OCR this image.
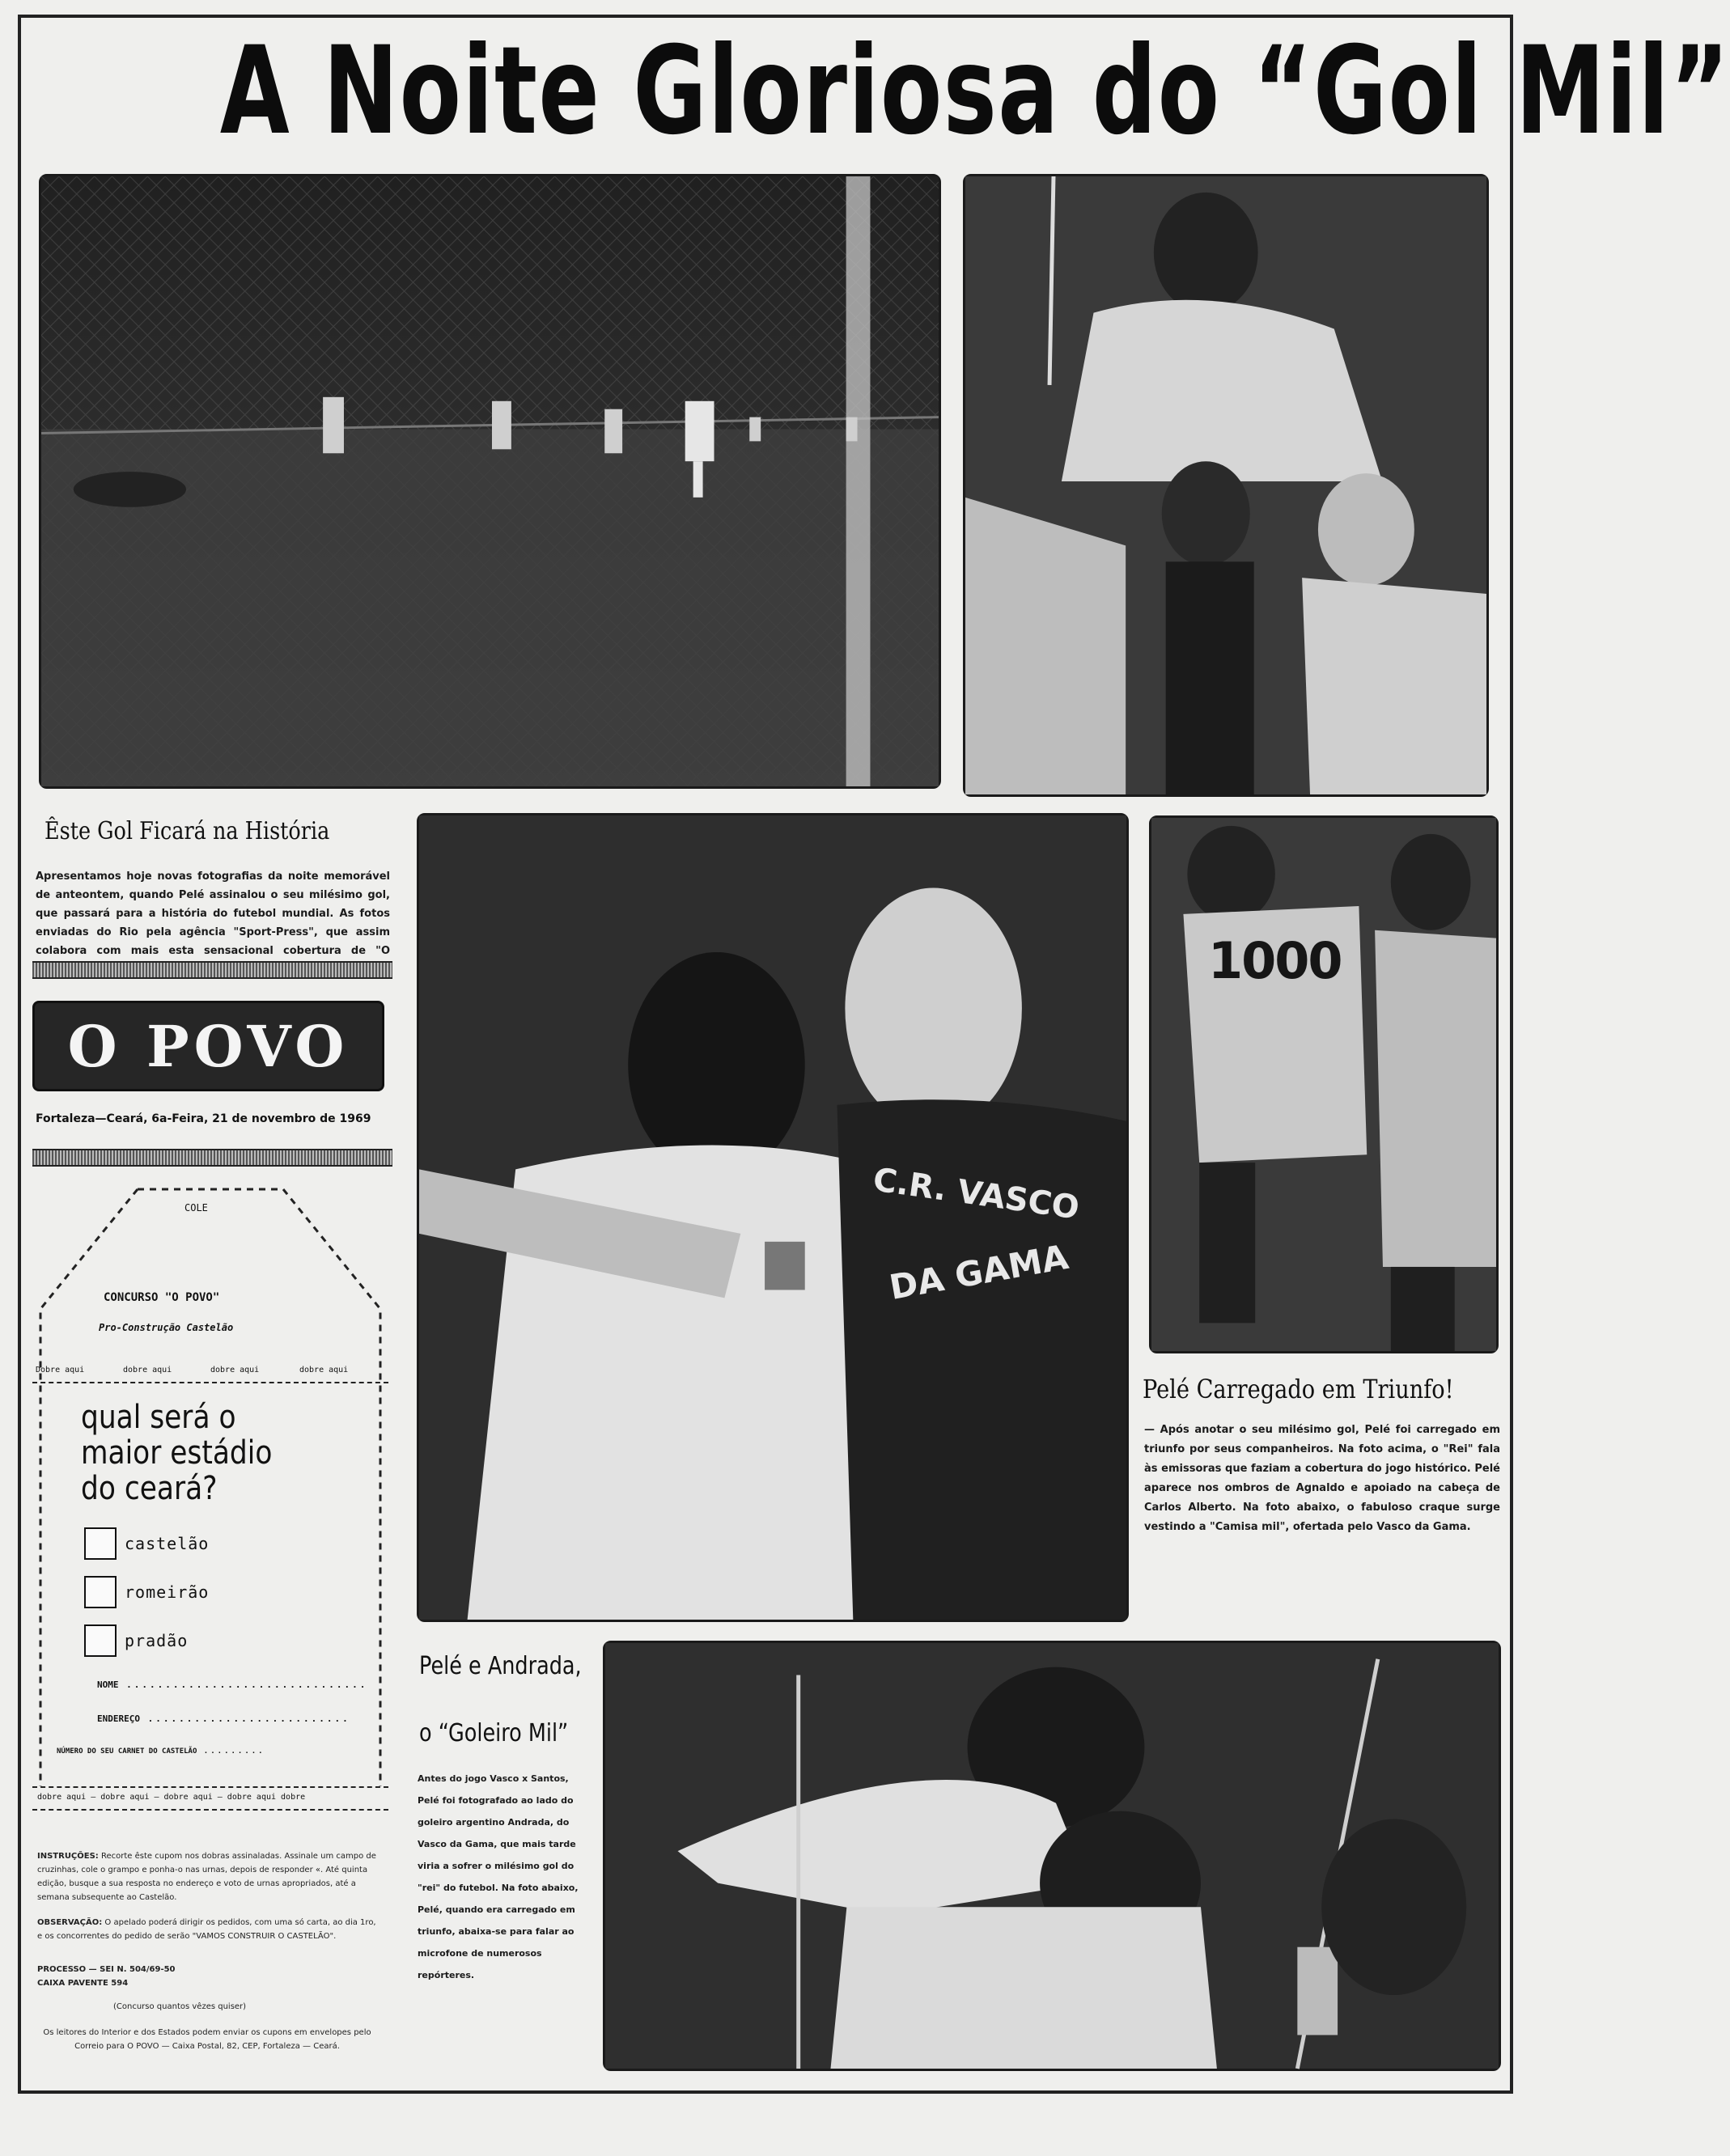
A Noite Gloriosa do “Gol Mil”
Êste Gol Ficará na História

Apresentamos hoje novas fotografias da noite memorável de anteontem, quando Pelé assinalou o seu milésimo gol, que passará para a história do futebol mundial. As fotos enviadas do Rio pela agência "Sport-Press", que assim colabora com mais esta sensacional cobertura de "O

O POVO

Fortaleza—Ceará, 6a-Feira, 21 de novembro de 1969

COLE

CONCURSO "O POVO"

Pro-Construção Castelão

Dobre aqui	dobre aqui	dobre aqui	dobre aqui

qual será o maior estádio do ceará?

castelão
romeirão
pradão

NOME ...............................

ENDEREÇO ..........................

NÚMERO DO SEU CARNET DO CASTELÃO .........

dobre aqui — dobre aqui — dobre aqui — dobre aqui dobre

INSTRUÇÕES: Recorte êste cupom nos dobras assinaladas. Assinale um campo de cruzinhas, cole o grampo e ponha-o nas urnas, depois de responder «. Até quinta edição, busque a sua resposta no endereço e voto de urnas apropriados, até a semana subsequente ao Castelão.

OBSERVAÇÃO: O apelado poderá dirigir os pedidos, com uma só carta, ao dia 1ro, e os concorrentes do pedido de serão "VAMOS CONSTRUIR O CASTELÃO".

PROCESSO — SEI N. 504/69-50

CAIXA PAVENTE 594

(Concurso quantos vêzes quiser)

Os leitores do Interior e dos Estados podem enviar os cupons em envelopes pelo Correio para O POVO — Caixa Postal, 82, CEP, Fortaleza — Ceará.

C.R. VASCO
DA GAMA
1000
Pelé Carregado em Triunfo!

— Após anotar o seu milésimo gol, Pelé foi carregado em triunfo por seus companheiros. Na foto acima, o "Rei" fala às emissoras que faziam a cobertura do jogo histórico. Pelé aparece nos ombros de Agnaldo e apoiado na cabeça de Carlos Alberto. Na foto abaixo, o fabuloso craque surge vestindo a "Camisa mil", ofertada pelo Vasco da Gama.

Pelé e Andrada,
o “Goleiro Mil”

Antes do jogo Vasco x Santos, Pelé foi fotografado ao lado do goleiro argentino Andrada, do Vasco da Gama, que mais tarde viria a sofrer o milésimo gol do "rei" do futebol. Na foto abaixo, Pelé, quando era carregado em triunfo, abaixa-se para falar ao microfone de numerosos repórteres.
